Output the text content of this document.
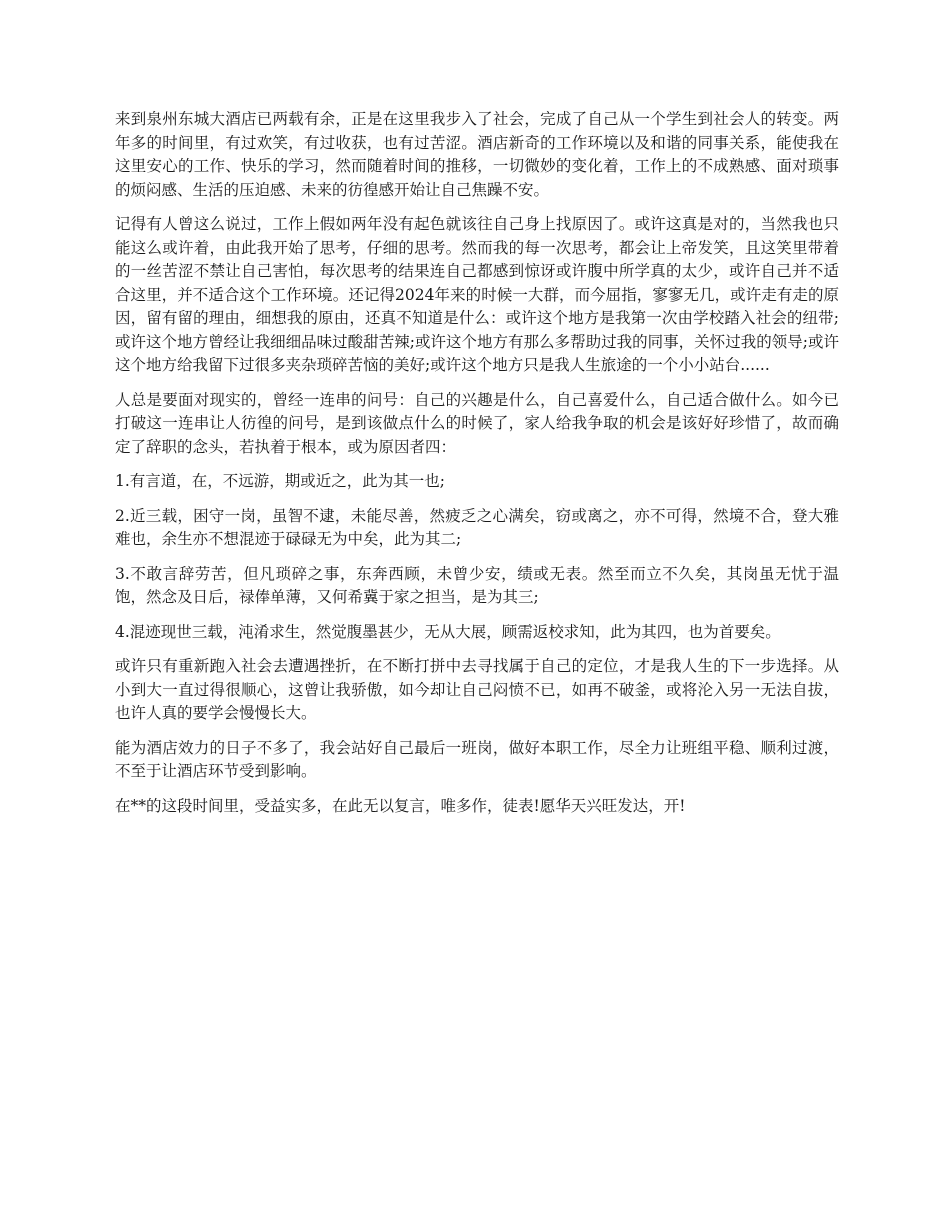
来到泉州东城大酒店已两载有余，正是在这里我步入了社会，完成了自己从一个学生到社会人的转变。两年多的时间里，有过欢笑，有过收获，也有过苦涩。酒店新奇的工作环境以及和谐的同事关系，能使我在这里安心的工作、快乐的学习，然而随着时间的推移，一切微妙的变化着，工作上的不成熟感、面对琐事的烦闷感、生活的压迫感、未来的彷徨感开始让自己焦躁不安。

记得有人曾这么说过，工作上假如两年没有起色就该往自己身上找原因了。或许这真是对的，当然我也只能这么或许着，由此我开始了思考，仔细的思考。然而我的每一次思考，都会让上帝发笑，且这笑里带着的一丝苦涩不禁让自己害怕，每次思考的结果连自己都感到惊讶或许腹中所学真的太少，或许自己并不适合这里，并不适合这个工作环境。还记得2024年来的时候一大群，而今屈指，寥寥无几，或许走有走的原因，留有留的理由，细想我的原由，还真不知道是什么：或许这个地方是我第一次由学校踏入社会的纽带;或许这个地方曾经让我细细品味过酸甜苦辣;或许这个地方有那么多帮助过我的同事，关怀过我的领导;或许这个地方给我留下过很多夹杂琐碎苦恼的美好;或许这个地方只是我人生旅途的一个小小站台......

人总是要面对现实的，曾经一连串的问号：自己的兴趣是什么，自己喜爱什么，自己适合做什么。如今已打破这一连串让人彷徨的问号，是到该做点什么的时候了，家人给我争取的机会是该好好珍惜了，故而确定了辞职的念头，若执着于根本，或为原因者四：

1.有言道，在，不远游，期或近之，此为其一也;

2.近三载，困守一岗，虽智不逮，未能尽善，然疲乏之心满矣，窃或离之，亦不可得，然境不合，登大雅难也，余生亦不想混迹于碌碌无为中矣，此为其二;

3.不敢言辞劳苦，但凡琐碎之事，东奔西顾，未曾少安，绩或无表。然至而立不久矣，其岗虽无忧于温饱，然念及日后，禄俸单薄，又何希冀于家之担当，是为其三;

4.混迹现世三载，沌淆求生，然觉腹墨甚少，无从大展，顾需返校求知，此为其四，也为首要矣。

或许只有重新跑入社会去遭遇挫折，在不断打拼中去寻找属于自己的定位，才是我人生的下一步选择。从小到大一直过得很顺心，这曾让我骄傲，如今却让自己闷愤不已，如再不破釜，或将沦入另一无法自拔，也许人真的要学会慢慢长大。

能为酒店效力的日子不多了，我会站好自己最后一班岗，做好本职工作，尽全力让班组平稳、顺利过渡，不至于让酒店环节受到影响。

在**的这段时间里，受益实多，在此无以复言，唯多作，徒表!愿华天兴旺发达，开!
